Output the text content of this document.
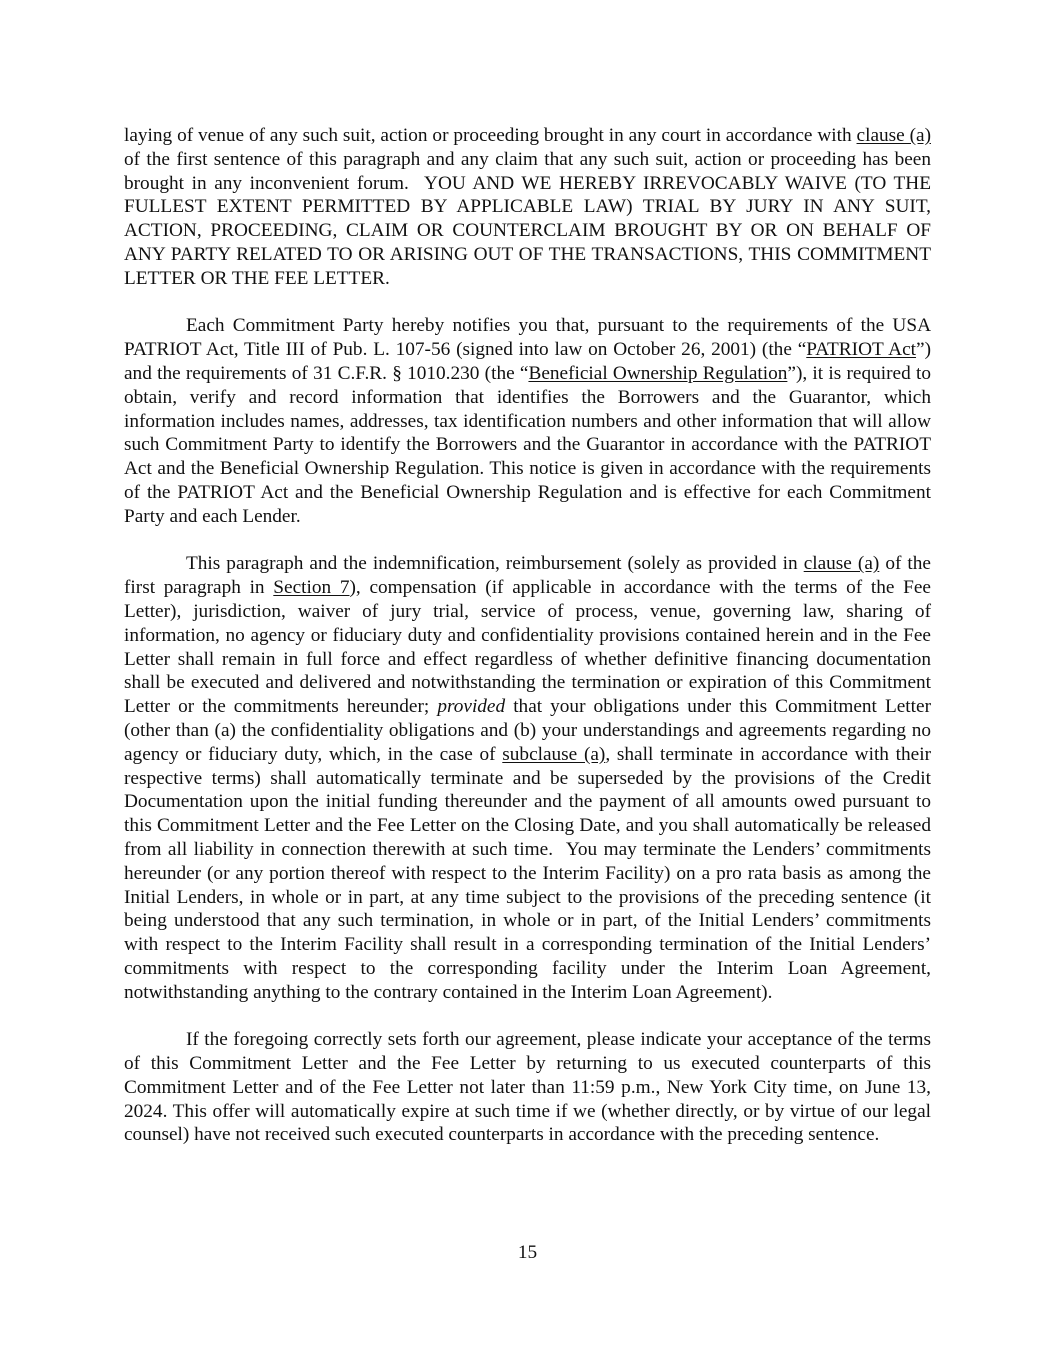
laying of venue of any such suit, action or proceeding brought in any court in accordance with clause (a) of the first sentence of this paragraph and any claim that any such suit, action or proceeding has been brought in any inconvenient forum.  YOU AND WE HEREBY IRREVOCABLY WAIVE (TO THE FULLEST EXTENT PERMITTED BY APPLICABLE LAW) TRIAL BY JURY IN ANY SUIT, ACTION, PROCEEDING, CLAIM OR COUNTERCLAIM BROUGHT BY OR ON BEHALF OF ANY PARTY RELATED TO OR ARISING OUT OF THE TRANSACTIONS, THIS COMMITMENT LETTER OR THE FEE LETTER.

Each Commitment Party hereby notifies you that, pursuant to the requirements of the USA PATRIOT Act, Title III of Pub. L. 107-56 (signed into law on October 26, 2001) (the “PATRIOT Act”) and the requirements of 31 C.F.R. § 1010.230 (the “Beneficial Ownership Regulation”), it is required to obtain, verify and record information that identifies the Borrowers and the Guarantor, which information includes names, addresses, tax identification numbers and other information that will allow such Commitment Party to identify the Borrowers and the Guarantor in accordance with the PATRIOT Act and the Beneficial Ownership Regulation. This notice is given in accordance with the requirements of the PATRIOT Act and the Beneficial Ownership Regulation and is effective for each Commitment Party and each Lender.

This paragraph and the indemnification, reimbursement (solely as provided in clause (a) of the first paragraph in Section 7), compensation (if applicable in accordance with the terms of the Fee Letter), jurisdiction, waiver of jury trial, service of process, venue, governing law, sharing of information, no agency or fiduciary duty and confidentiality provisions contained herein and in the Fee Letter shall remain in full force and effect regardless of whether definitive financing documentation shall be executed and delivered and notwithstanding the termination or expiration of this Commitment Letter or the commitments hereunder; provided that your obligations under this Commitment Letter (other than (a) the confidentiality obligations and (b) your understandings and agreements regarding no agency or fiduciary duty, which, in the case of subclause (a), shall terminate in accordance with their respective terms) shall automatically terminate and be superseded by the provisions of the Credit Documentation upon the initial funding thereunder and the payment of all amounts owed pursuant to this Commitment Letter and the Fee Letter on the Closing Date, and you shall automatically be released from all liability in connection therewith at such time.  You may terminate the Lenders’ commitments hereunder (or any portion thereof with respect to the Interim Facility) on a pro rata basis as among the Initial Lenders, in whole or in part, at any time subject to the provisions of the preceding sentence (it being understood that any such termination, in whole or in part, of the Initial Lenders’ commitments with respect to the Interim Facility shall result in a corresponding termination of the Initial Lenders’ commitments with respect to the corresponding facility under the Interim Loan Agreement, notwithstanding anything to the contrary contained in the Interim Loan Agreement).

If the foregoing correctly sets forth our agreement, please indicate your acceptance of the terms of this Commitment Letter and the Fee Letter by returning to us executed counterparts of this Commitment Letter and of the Fee Letter not later than 11:59 p.m., New York City time, on June 13, 2024. This offer will automatically expire at such time if we (whether directly, or by virtue of our legal counsel) have not received such executed counterparts in accordance with the preceding sentence.

15
